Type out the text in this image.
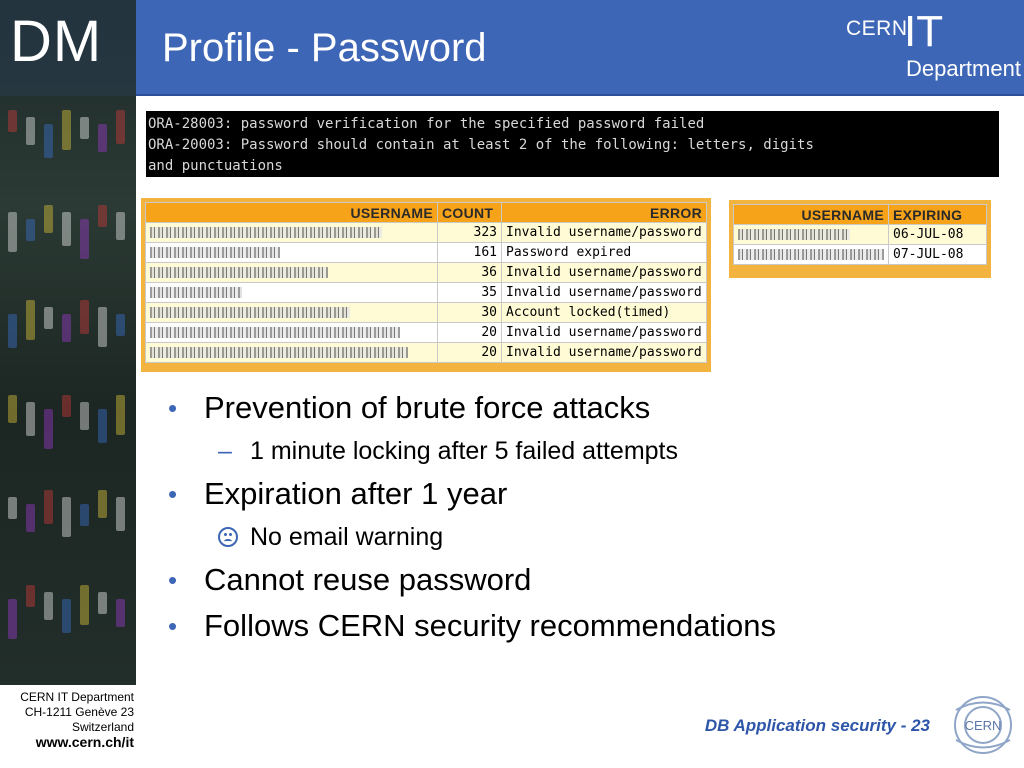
DM Profile - Password	CERN
IT
Department
ORA-28003: password verification for the specified password failed
ORA-20003: Password should contain at least 2 of the following: letters, digits
and punctuations
USERNAME	COUNT	ERROR
	323	Invalid username/password
	161	Password expired
	36	Invalid username/password
	35	Invalid username/password
	30	Account locked(timed)
	20	Invalid username/password
	20	Invalid username/password
USERNAME	EXPIRING
	06-JUL-08
	07-JUL-08
• Prevention of brute force attacks
– 1 minute locking after 5 failed attempts
• Expiration after 1 year
No email warning
• Cannot reuse password
• Follows CERN security recommendations
CERN IT Department
CH-1211 Genève 23
Switzerland
www.cern.ch/it
DB Application security - 23	CERN
